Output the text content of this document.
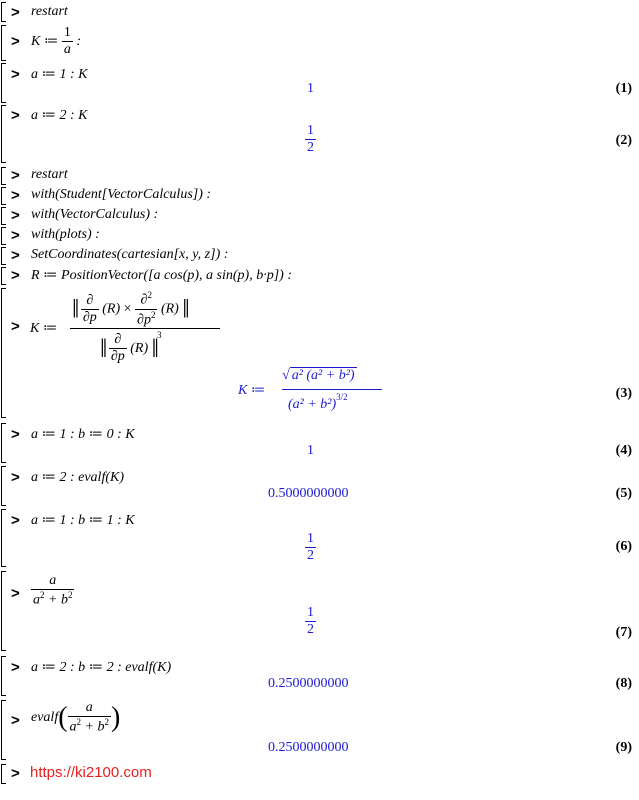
> restart
> K ≔ $\frac{1}{a}$ :
> a ≔ 1 : K
1	(1)
> a ≔ 2 : K
$\frac{1}{2}$	(2)
> restart
> with(Student[VectorCalculus]) :
> with(VectorCalculus) :
> with(plots) :
> SetCoordinates(cartesian[x, y, z]) :
> R ≔ PositionVector([a cos(p), a sin(p), b·p]) :
> K ≔
‖ $\frac{\partial}{\partial p} (R) \times \frac{\partial^2}{\partial p^2} (R)$ ‖
‖ $\frac{\partial}{\partial p} (R)$ ‖$^3$
K ≔
√ a² (a² + b²)
$(a^2 + b^2)^{3/2}$	(3)
> a ≔ 1 : b ≔ 0 : K
1	(4)
> a ≔ 2 : evalf(K)
0.5000000000	(5)
> a ≔ 1 : b ≔ 1 : K
$\frac{1}{2}$	(6)
> $\frac{a}{a^2 + b^2}$
$\frac{1}{2}$	(7)
> a ≔ 2 : b ≔ 2 : evalf(K)
0.2500000000	(8)
> evalf( $\frac{a}{a^2 + b^2}$ )
0.2500000000	(9)
> https://ki2100.com
